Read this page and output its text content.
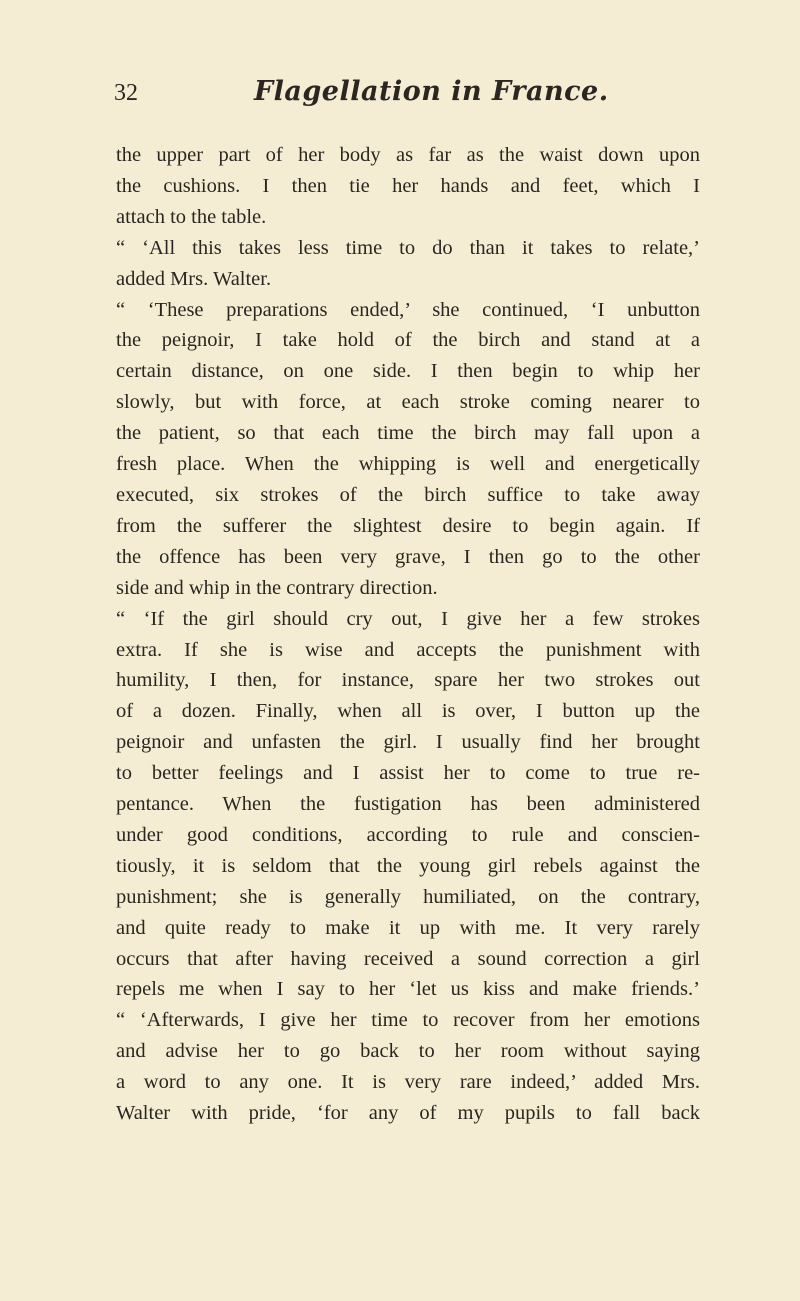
32	Flagellation in France.
the upper part of her body as far as the waist down upon
the cushions. I then tie her hands and feet, which I
attach to the table.
“ ‘All this takes less time to do than it takes to relate,’
added Mrs. Walter.
“ ‘These preparations ended,’ she continued, ‘I unbutton
the peignoir, I take hold of the birch and stand at a
certain distance, on one side. I then begin to whip her
slowly, but with force, at each stroke coming nearer to
the patient, so that each time the birch may fall upon a
fresh place. When the whipping is well and energetically
executed, six strokes of the birch suffice to take away
from the sufferer the slightest desire to begin again. If
the offence has been very grave, I then go to the other
side and whip in the contrary direction.
“ ‘If the girl should cry out, I give her a few strokes
extra. If she is wise and accepts the punishment with
humility, I then, for instance, spare her two strokes out
of a dozen. Finally, when all is over, I button up the
peignoir and unfasten the girl. I usually find her brought
to better feelings and I assist her to come to true re-
pentance. When the fustigation has been administered
under good conditions, according to rule and conscien-
tiously, it is seldom that the young girl rebels against the
punishment; she is generally humiliated, on the contrary,
and quite ready to make it up with me. It very rarely
occurs that after having received a sound correction a girl
repels me when I say to her ‘let us kiss and make friends.’
“ ‘Afterwards, I give her time to recover from her emotions
and advise her to go back to her room without saying
a word to any one. It is very rare indeed,’ added Mrs.
Walter with pride, ‘for any of my pupils to fall back
